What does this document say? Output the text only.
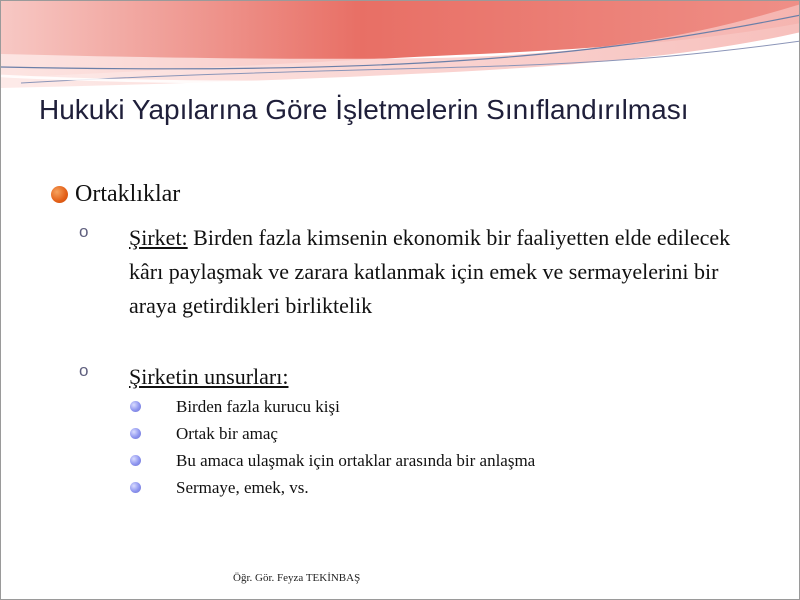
Hukuki Yapılarına Göre İşletmelerin Sınıflandırılması
Ortaklıklar
o Şirket: Birden fazla kimsenin ekonomik bir faaliyetten elde edilecek kârı paylaşmak ve zarara katlanmak için emek ve sermayelerini bir araya getirdikleri birliktelik
o Şirketin unsurları:
Birden fazla kurucu kişi
Ortak bir amaç
Bu amaca ulaşmak için ortaklar arasında bir anlaşma
Sermaye, emek, vs.
Öğr. Gör. Feyza TEKİNBAŞ
